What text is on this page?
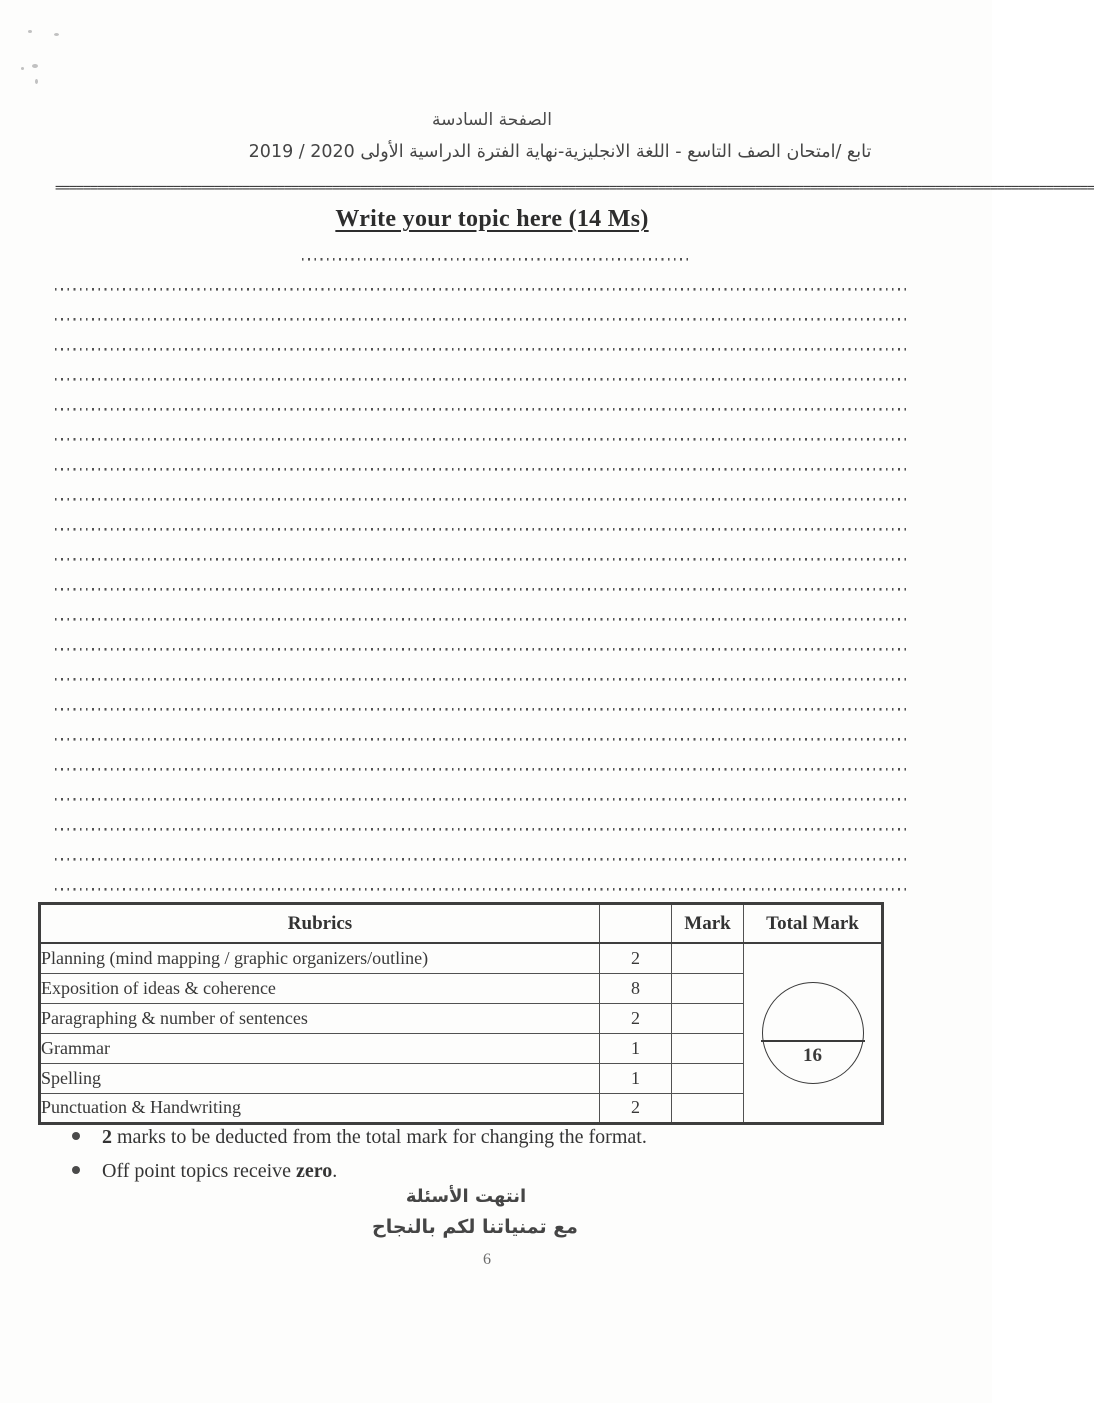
الصفحة السادسة
تابع /امتحان الصف التاسع - اللغة الانجليزية-نهاية الفترة الدراسية الأولى 2020 / 2019
======================================================================================================================================================
Write your topic here (14 Ms)
Rubrics		Mark	Total Mark
Planning (mind mapping / graphic organizers/outline)	2		16

Exposition of ideas & coherence	8		
Paragraphing & number of sentences	2		
Grammar	1		
Spelling	1		
Punctuation & Handwriting	2		
2 marks to be deducted from the total mark for changing the format.
Off point topics receive zero.
انتهت الأسئلة
مع تمنياتنا لكم بالنجاح
6
